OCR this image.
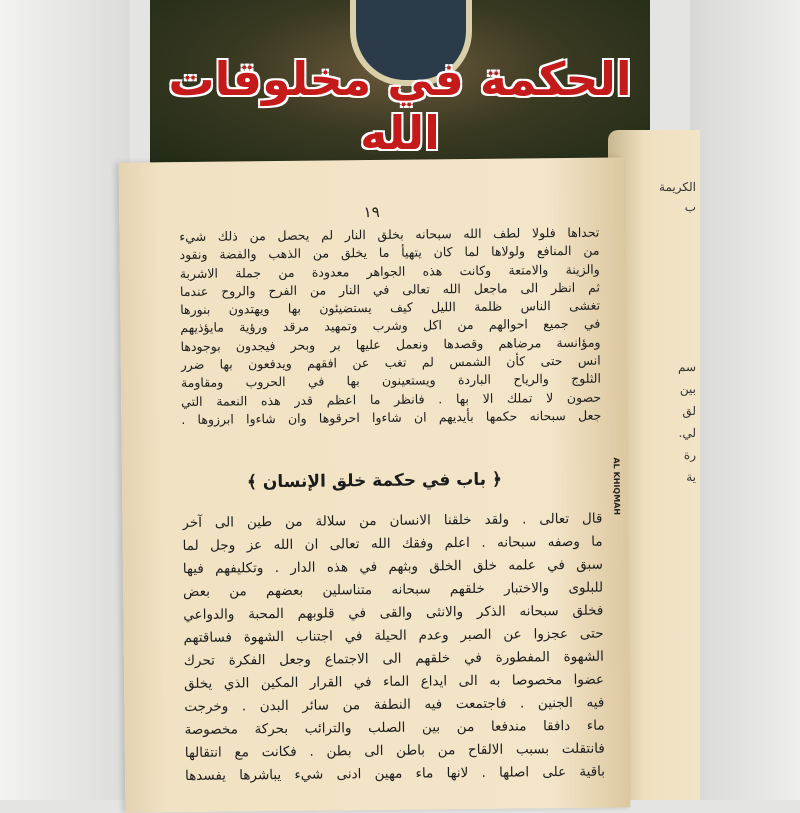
الحكمة في مخلوقات الله
الكريمة
ب
سم
بين
لق
لي.
رة
ية
١٩
تحداها فلولا لطف الله سبحانه بخلق النار لم يحصل من ذلك شيء
من المنافع ولولاها لما كان يتهيأ ما يخلق من الذهب والفضة ونقود
والزينة والامتعة وكانت هذه الجواهر معدودة من جملة الاشربة
ثم انظر الى ماجعل الله تعالى في النار من الفرح والروح عندما
تغشى الناس ظلمة الليل كيف يستضيئون بها ويهتدون بنورها
في جميع احوالهم من اكل وشرب وتمهيد مرقد ورؤية مايؤذيهم
ومؤانسة مرضاهم وقصدها ونعمل عليها بر وبحر فيجدون بوجودها
انس حتى كأن الشمس لم تغب عن افقهم ويدفعون بها ضرر
الثلوج والرياح الباردة ويستعينون بها في الحروب ومقاومة
حصون لا تملك الا بها . فانظر ما اعظم قدر هذه النعمة التي
جعل سبحانه حكمها بأيديهم ان شاءوا احرقوها وان شاءوا ابرزوها .
﴿ باب في حكمة خلق الإنسان ﴾
قال تعالى . ولقد خلقنا الانسان من سلالة من طين الى آخر
ما وصفه سبحانه . اعلم وفقك الله تعالى ان الله عز وجل لما
سبق في علمه خلق الخلق وبثهم في هذه الدار . وتكليفهم فيها
للبلوى والاختبار خلقهم سبحانه متناسلين بعضهم من بعض
فخلق سبحانه الذكر والانثى والقى في قلوبهم المحبة والدواعي
حتى عجزوا عن الصبر وعدم الحيلة في اجتناب الشهوة فساقتهم
الشهوة المفطورة في خلقهم الى الاجتماع وجعل الفكرة تحرك
عضوا مخصوصا به الى ايداع الماء في القرار المكين الذي يخلق
فيه الجنين . فاجتمعت فيه النطفة من سائر البدن . وخرجت
ماء دافقا مندفعا من بين الصلب والترائب بحركة مخصوصة
فانتقلت بسبب الالقاح من باطن الى بطن . فكانت مع انتقالها
باقية على اصلها . لانها ماء مهين ادنى شيء يباشرها يفسدها
AL KHIQMAH
